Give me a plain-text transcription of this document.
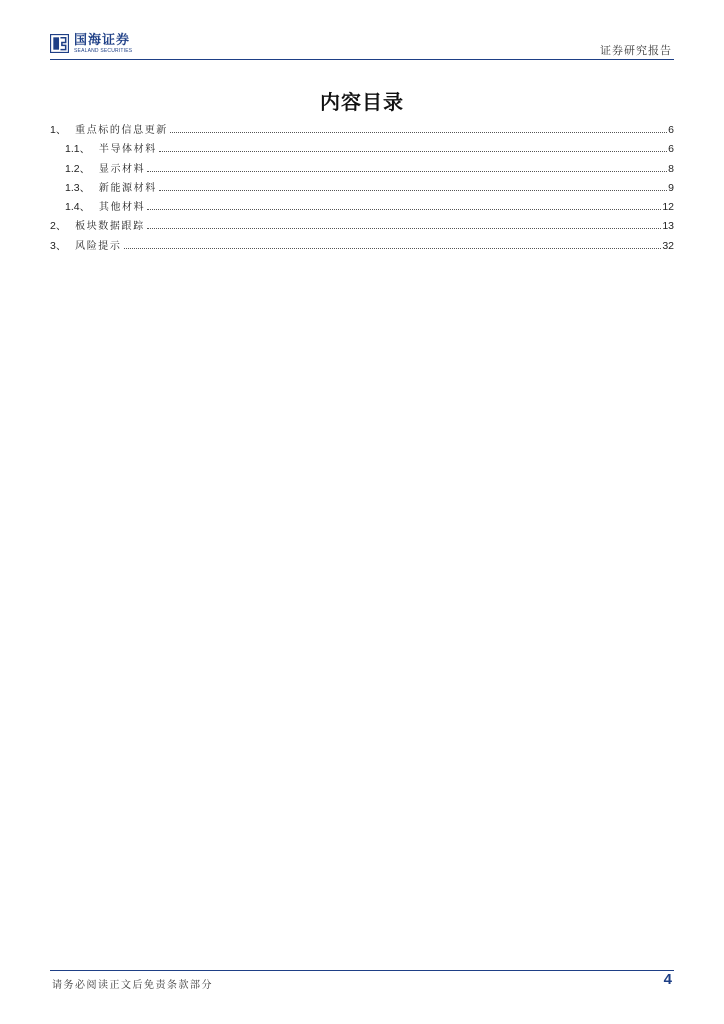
国海证券
SEALAND SECURITIES	证券研究报告
内容目录
1、 重点标的信息更新	6
1.1、 半导体材料	6
1.2、 显示材料	8
1.3、 新能源材料	9
1.4、 其他材料	12
2、 板块数据跟踪	13
3、 风险提示	32
请务必阅读正文后免责条款部分	4
